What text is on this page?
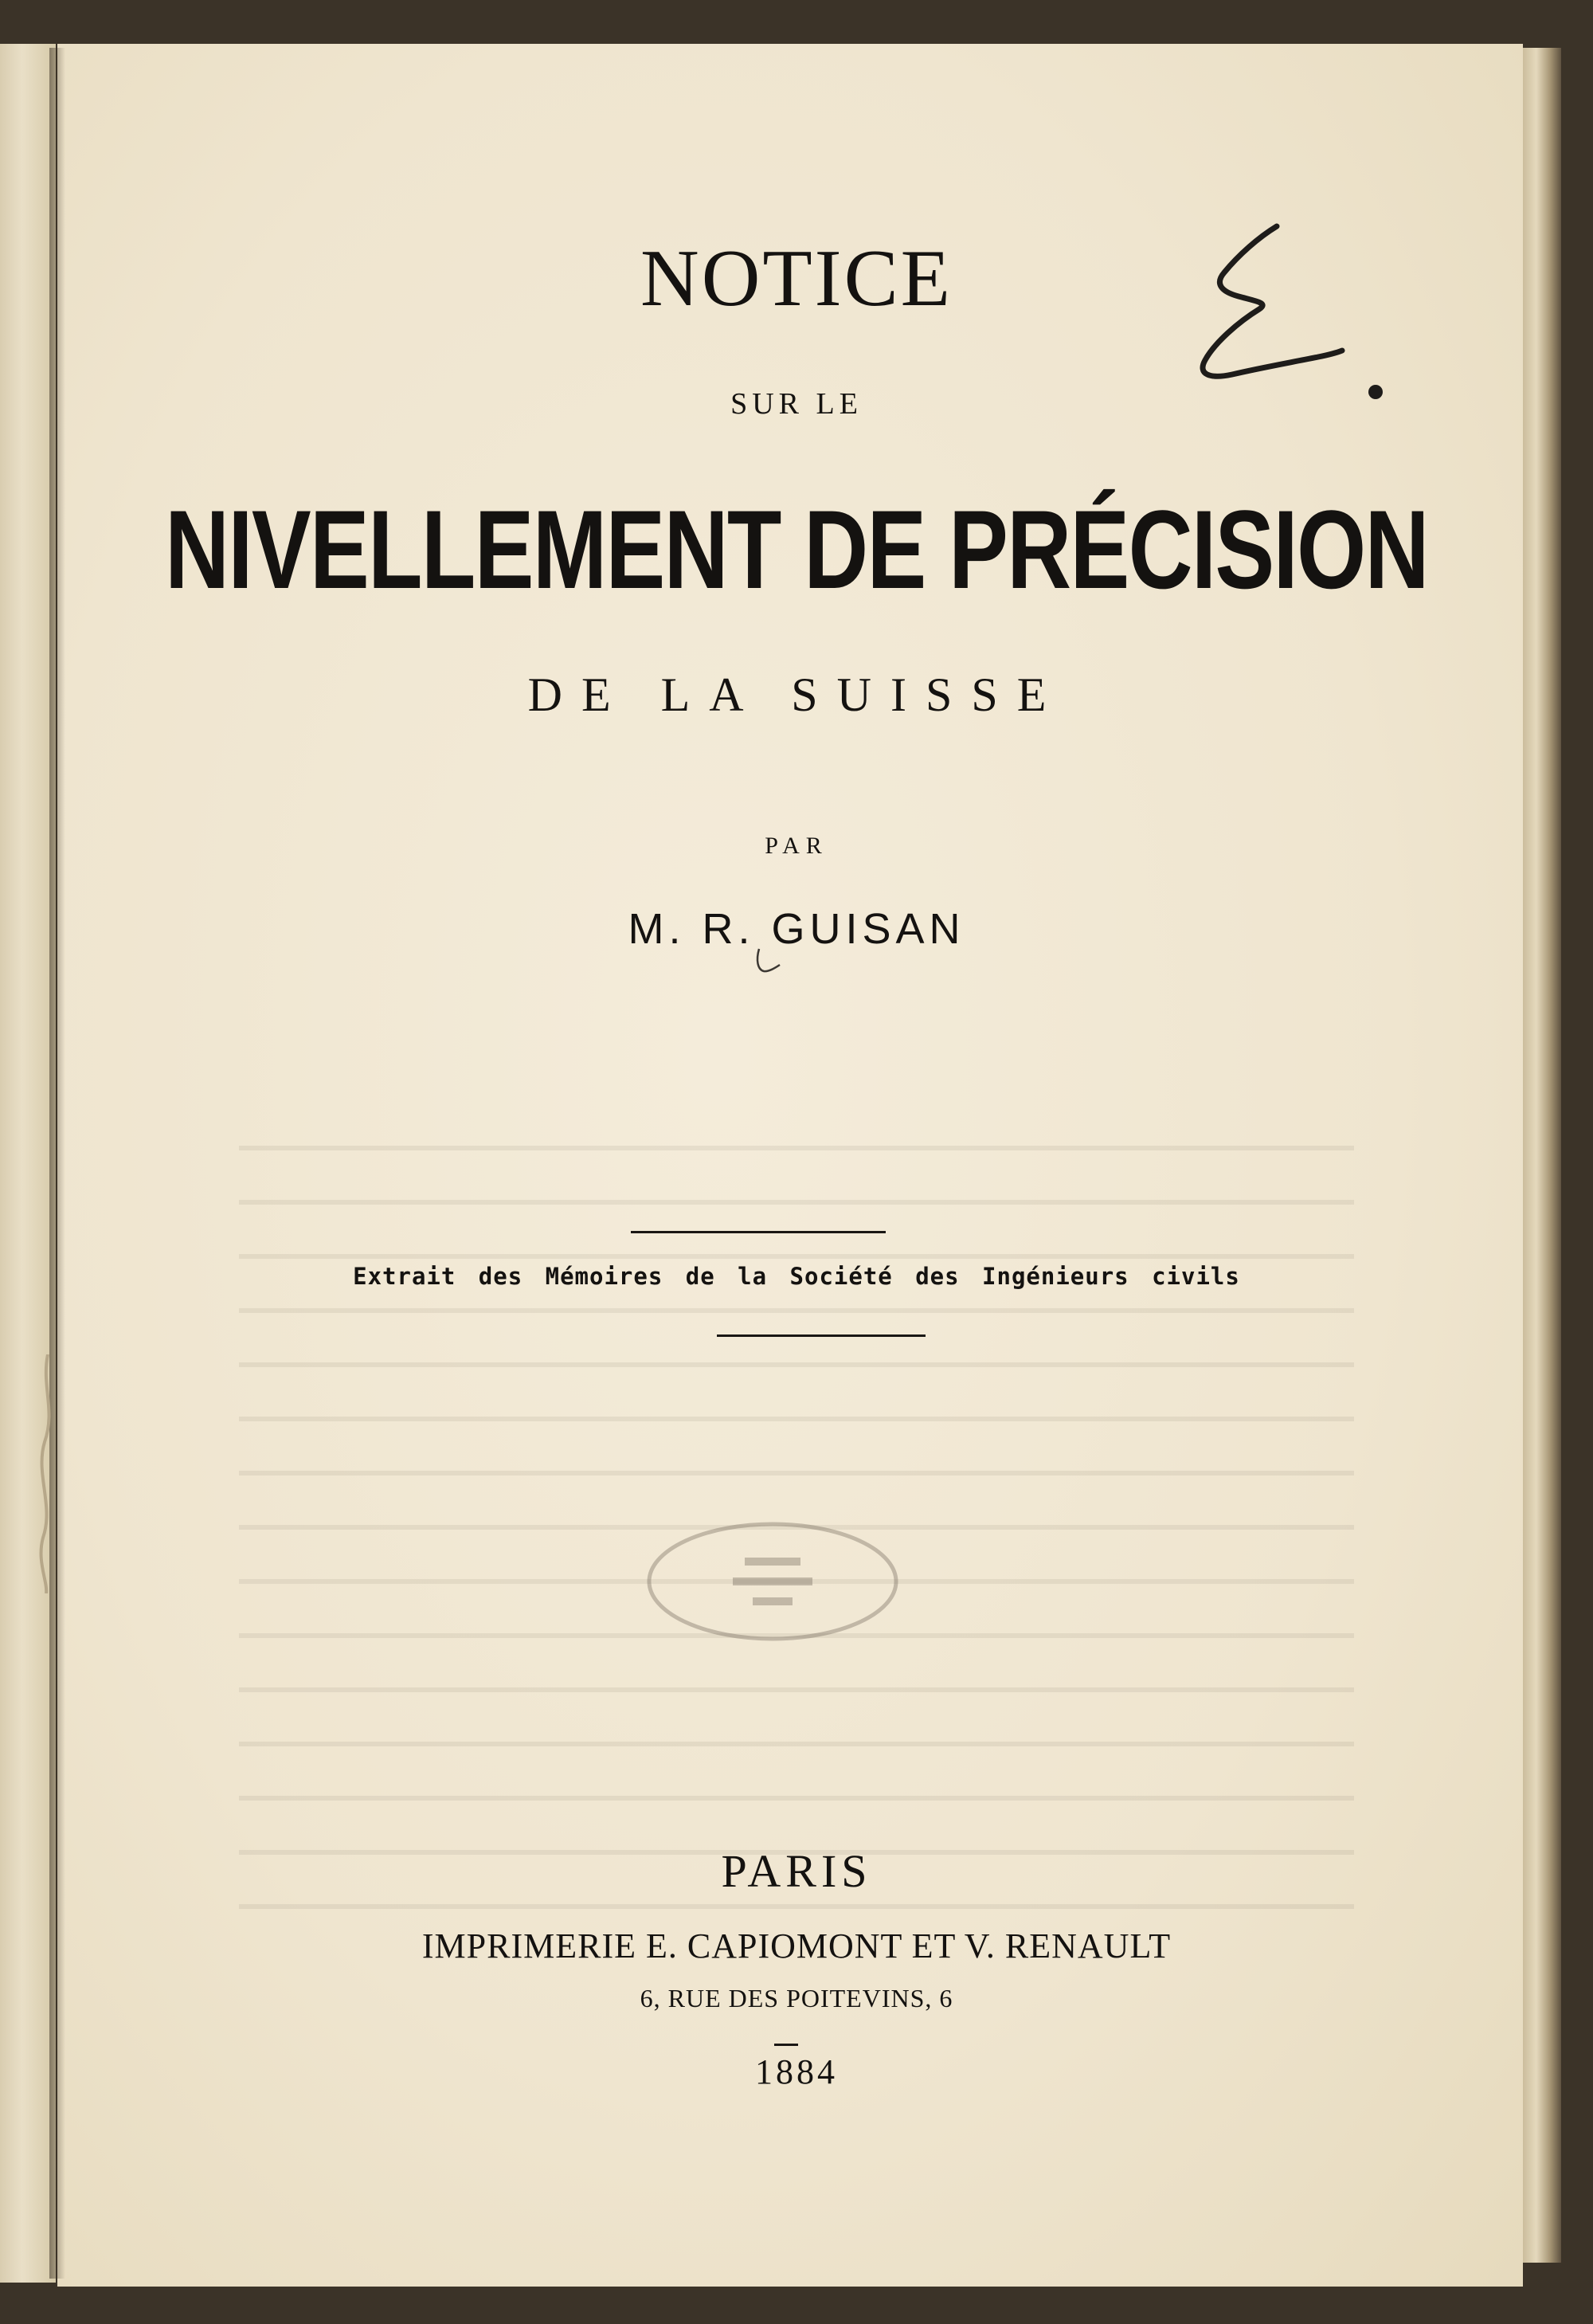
NOTICE
SUR LE
NIVELLEMENT DE PRÉCISION
DE LA SUISSE
PAR
M. R. GUISAN
Extrait des Mémoires de la Société des Ingénieurs civils
PARIS
IMPRIMERIE E. CAPIOMONT ET V. RENAULT
6, RUE DES POITEVINS, 6
1884
